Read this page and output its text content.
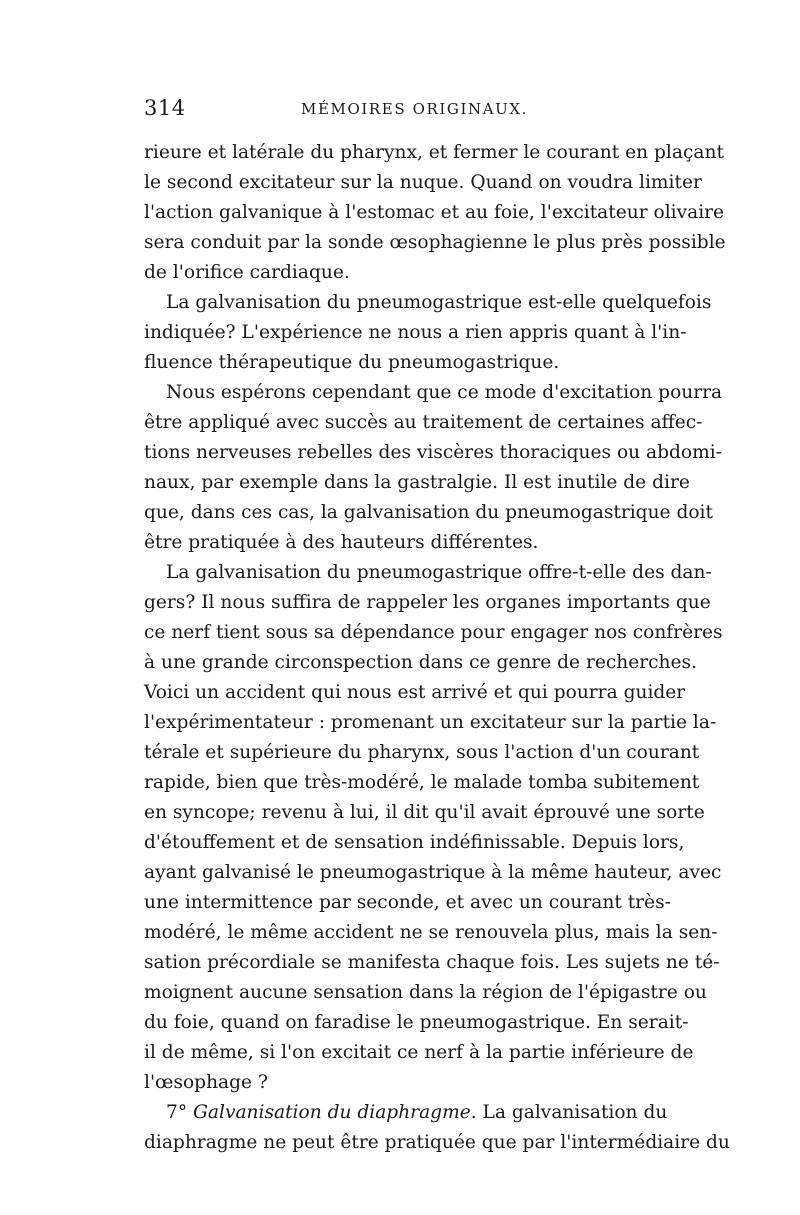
314	MÉMOIRES ORIGINAUX.
rieure et latérale du pharynx, et fermer le courant en plaçant
le second excitateur sur la nuque. Quand on voudra limiter
l'action galvanique à l'estomac et au foie, l'excitateur olivaire
sera conduit par la sonde œsophagienne le plus près possible
de l'orifice cardiaque.
La galvanisation du pneumogastrique est-elle quelquefois
indiquée? L'expérience ne nous a rien appris quant à l'in-
fluence thérapeutique du pneumogastrique.
Nous espérons cependant que ce mode d'excitation pourra
être appliqué avec succès au traitement de certaines affec-
tions nerveuses rebelles des viscères thoraciques ou abdomi-
naux, par exemple dans la gastralgie. Il est inutile de dire
que, dans ces cas, la galvanisation du pneumogastrique doit
être pratiquée à des hauteurs différentes.
La galvanisation du pneumogastrique offre-t-elle des dan-
gers? Il nous suffira de rappeler les organes importants que
ce nerf tient sous sa dépendance pour engager nos confrères
à une grande circonspection dans ce genre de recherches.
Voici un accident qui nous est arrivé et qui pourra guider
l'expérimentateur : promenant un excitateur sur la partie la-
térale et supérieure du pharynx, sous l'action d'un courant
rapide, bien que très-modéré, le malade tomba subitement
en syncope; revenu à lui, il dit qu'il avait éprouvé une sorte
d'étouffement et de sensation indéfinissable. Depuis lors,
ayant galvanisé le pneumogastrique à la même hauteur, avec
une intermittence par seconde, et avec un courant très-
modéré, le même accident ne se renouvela plus, mais la sen-
sation précordiale se manifesta chaque fois. Les sujets ne té-
moignent aucune sensation dans la région de l'épigastre ou
du foie, quand on faradise le pneumogastrique. En serait-
il de même, si l'on excitait ce nerf à la partie inférieure de
l'œsophage ?
7° Galvanisation du diaphragme. La galvanisation du
diaphragme ne peut être pratiquée que par l'intermédiaire du
